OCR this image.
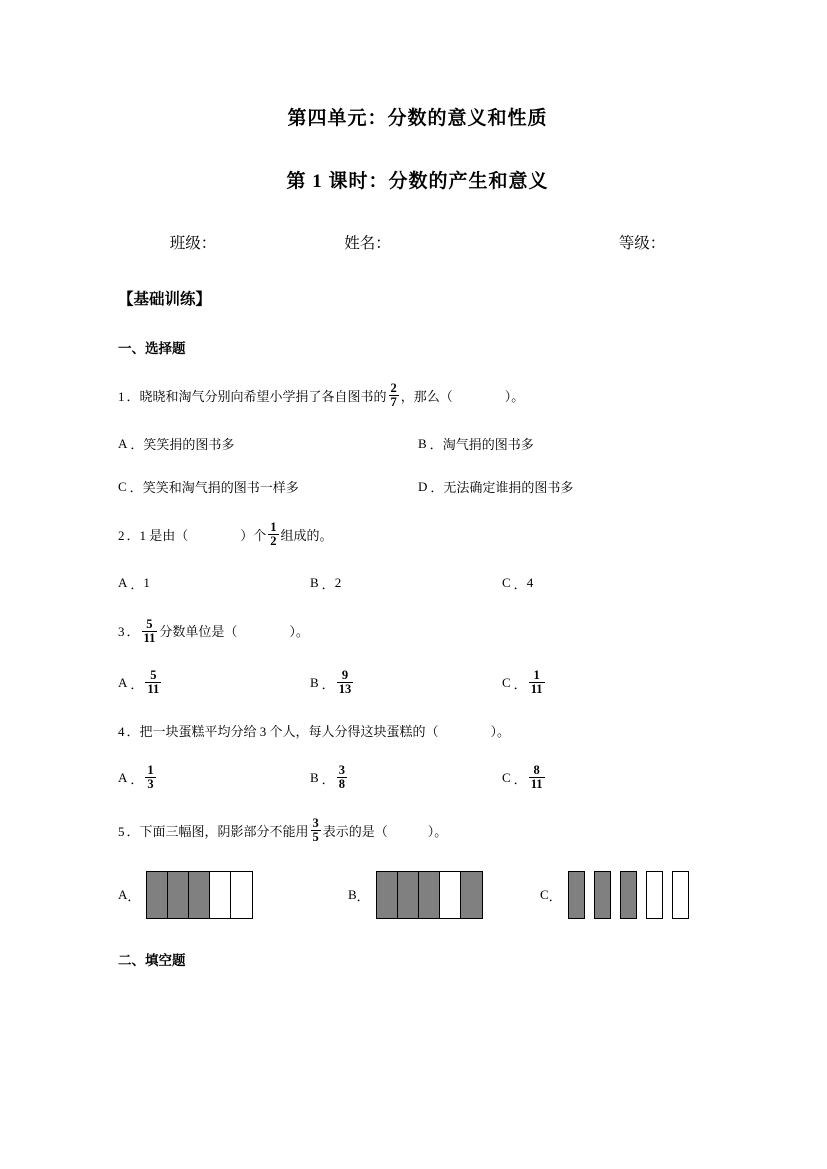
第四单元：分数的意义和性质
第 1 课时：分数的产生和意义
班级：	姓名：	等级：
【基础训练】
一、选择题
1 ． 晓晓和淘气分别向希望小学捐了各自图书的 $\frac{2}{7}$ ，那么（	）。
A ． 笑笑捐的图书多	B ． 淘气捐的图书多
C ． 笑笑和淘气捐的图书一样多	D ． 无法确定谁捐的图书多
2 ． 1 是由（	）个 $\frac{1}{2}$ 组成的。
A ． 1	B ． 2	C ． 4
3 ． $\frac{5}{11}$ 分数单位是（	）。
A ． $\frac{5}{11}$	B ． $\frac{9}{13}$	C ． $\frac{1}{11}$
4 ． 把一块蛋糕平均分给 3 个人，每人分得这块蛋糕的（	）。
A ． $\frac{1}{3}$	B ． $\frac{3}{8}$	C ． $\frac{8}{11}$
5 ． 下面三幅图，阴影部分不能用 $\frac{3}{5}$ 表示的是（	）。
A ．	B ．	C ．
二、填空题
